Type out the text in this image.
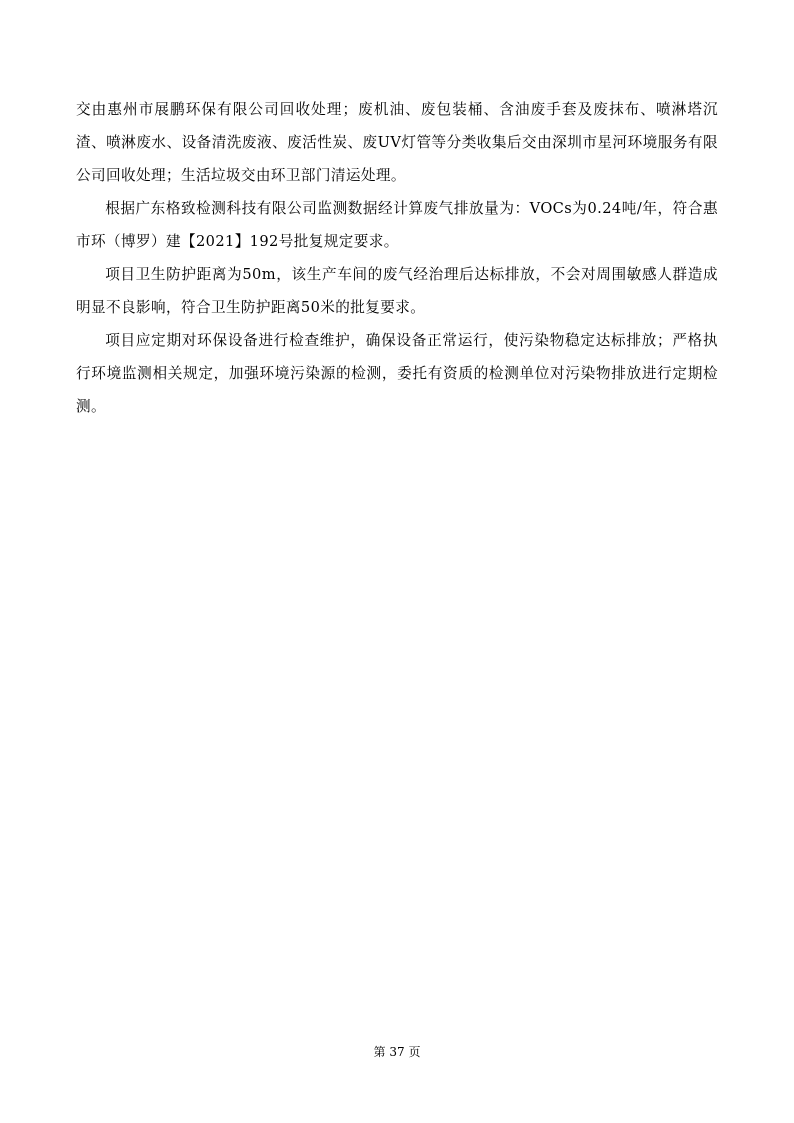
交由惠州市展鹏环保有限公司回收处理；废机油、废包装桶、含油废手套及废抹布、喷淋塔沉渣、喷淋废水、设备清洗废液、废活性炭、废UV灯管等分类收集后交由深圳市星河环境服务有限公司回收处理；生活垃圾交由环卫部门清运处理。

根据广东格致检测科技有限公司监测数据经计算废气排放量为：VOCs为0.24吨/年，符合惠市环（博罗）建【2021】192号批复规定要求。

项目卫生防护距离为50m，该生产车间的废气经治理后达标排放，不会对周围敏感人群造成明显不良影响，符合卫生防护距离50米的批复要求。

项目应定期对环保设备进行检查维护，确保设备正常运行，使污染物稳定达标排放；严格执行环境监测相关规定，加强环境污染源的检测，委托有资质的检测单位对污染物排放进行定期检测。

第 37 页
